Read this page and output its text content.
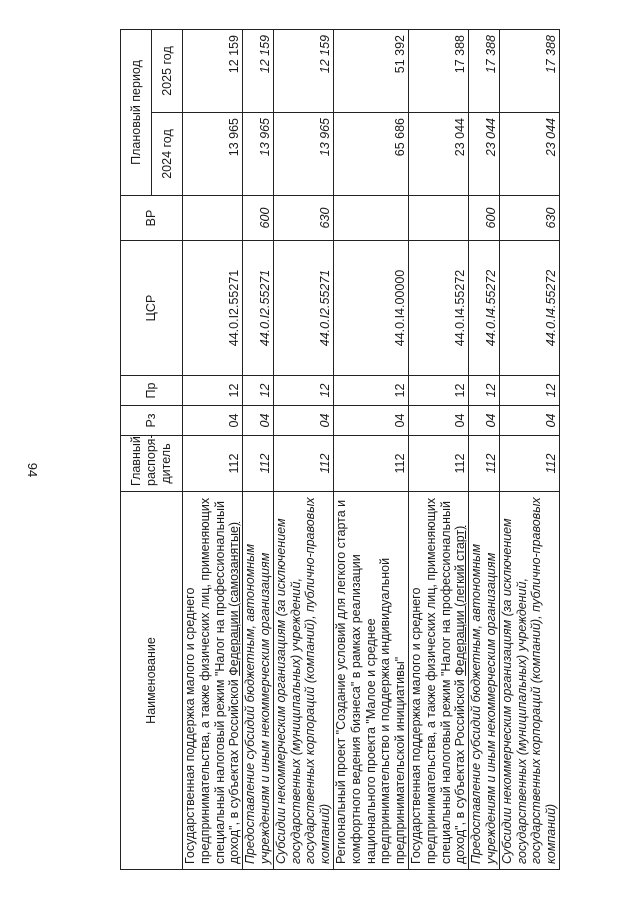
94
Наименование	Главный распоря- дитель	Рз	Пр	ЦСР	ВР	Плановый период	
						2024 год	2025 год
Государственная поддержка малого и среднего предпринимательства, а также физических лиц, применяющих специальный налоговый режим "Налог на профессиональный доход", в субъектах Российской Федерации (самозанятые)	112	04	12	44.0.I2.55271		13 965	12 159
Предоставление субсидий бюджетным, автономным учреждениям и иным некоммерческим организациям	112	04	12	44.0.I2.55271	600	13 965	12 159
Субсидии некоммерческим организациям (за исключением государственных (муниципальных) учреждений, государственных корпораций (компаний), публично-правовых компаний)	112	04	12	44.0.I2.55271	630	13 965	12 159
Региональный проект "Создание условий для легкого старта и комфортного ведения бизнеса" в рамках реализации национального проекта "Малое и среднее предпринимательство и поддержка индивидуальной предпринимательской инициативы"	112	04	12	44.0.I4.00000		65 686	51 392
Государственная поддержка малого и среднего предпринимательства, а также физических лиц, применяющих специальный налоговый режим "Налог на профессиональный доход", в субъектах Российской Федерации (легкий старт)	112	04	12	44.0.I4.55272		23 044	17 388
Предоставление субсидий бюджетным, автономным учреждениям и иным некоммерческим организациям	112	04	12	44.0.I4.55272	600	23 044	17 388
Субсидии некоммерческим организациям (за исключением государственных (муниципальных) учреждений, государственных корпораций (компаний), публично-правовых компаний)	112	04	12	44.0.I4.55272	630	23 044	17 388
